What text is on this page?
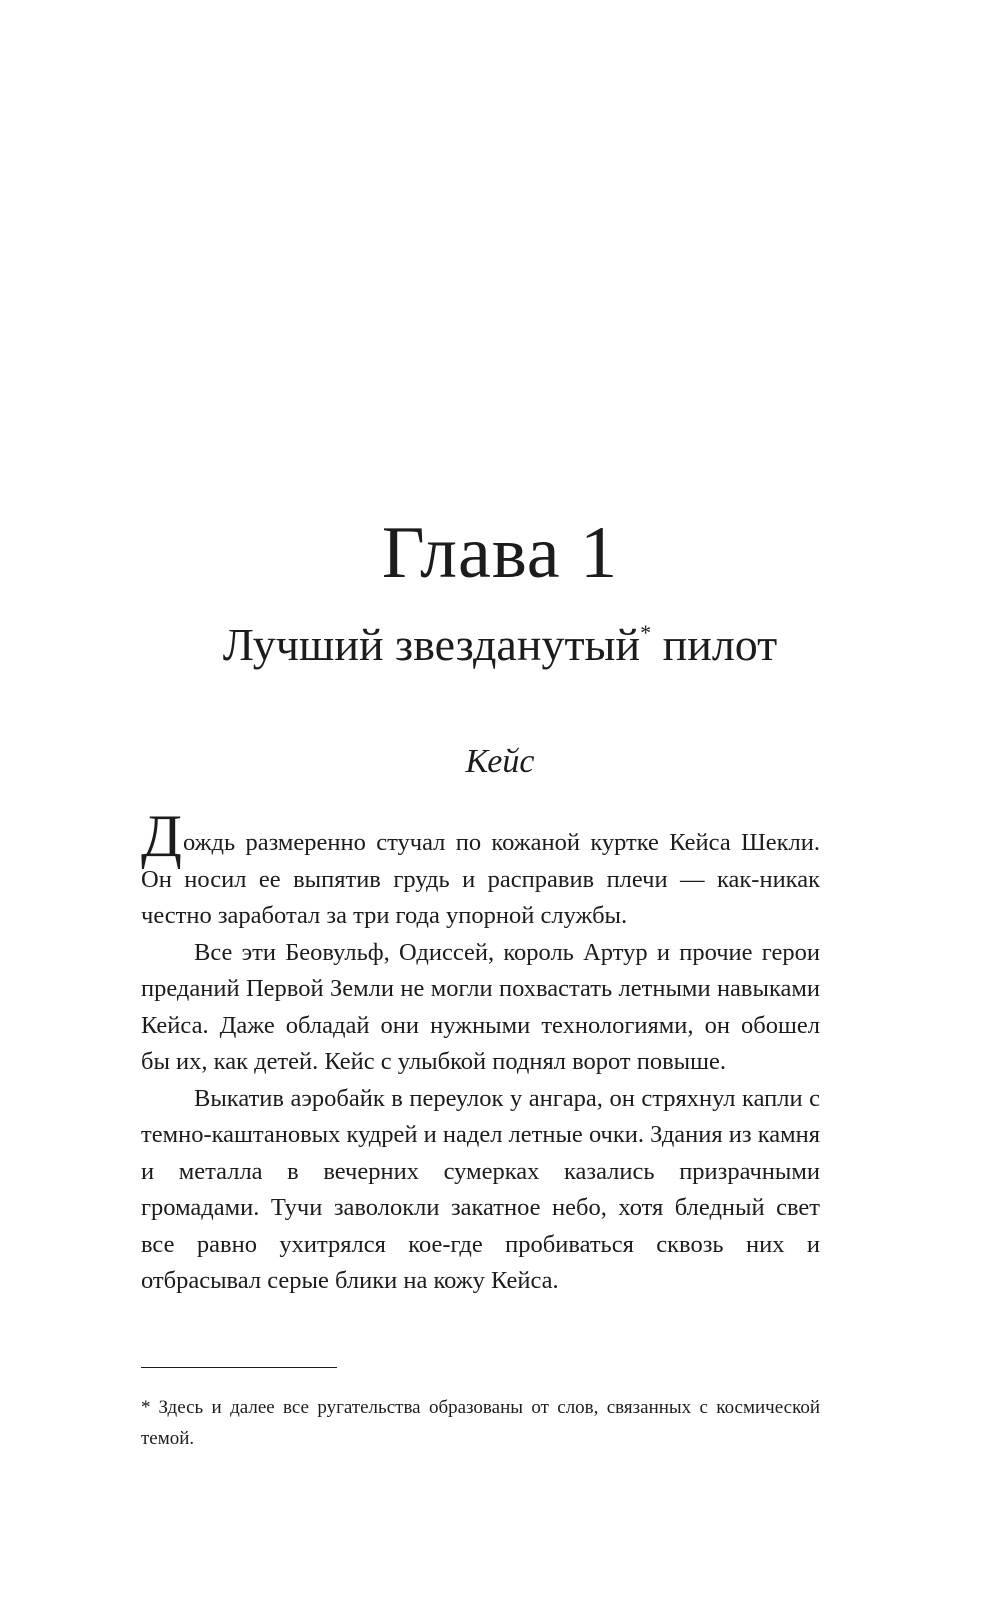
Глава 1
Лучший звезданутый* пилот
Кейс

Дождь размеренно стучал по кожаной куртке Кейса Шекли. Он носил ее выпятив грудь и расправив плечи — как-никак честно заработал за три года упорной службы.

Все эти Беовульф, Одиссей, король Артур и прочие герои преданий Первой Земли не могли похвастать летными навыками Кейса. Даже обладай они нужными технологиями, он обошел бы их, как детей. Кейс с улыбкой поднял ворот повыше.

Выкатив аэробайк в переулок у ангара, он стряхнул капли с темно-каштановых кудрей и надел летные очки. Здания из камня и металла в вечерних сумерках казались призрачными громадами. Тучи заволокли закатное небо, хотя бледный свет все равно ухитрялся кое-где пробиваться сквозь них и отбрасывал серые блики на кожу Кейса.

* Здесь и далее все ругательства образованы от слов, связанных с космической темой.
